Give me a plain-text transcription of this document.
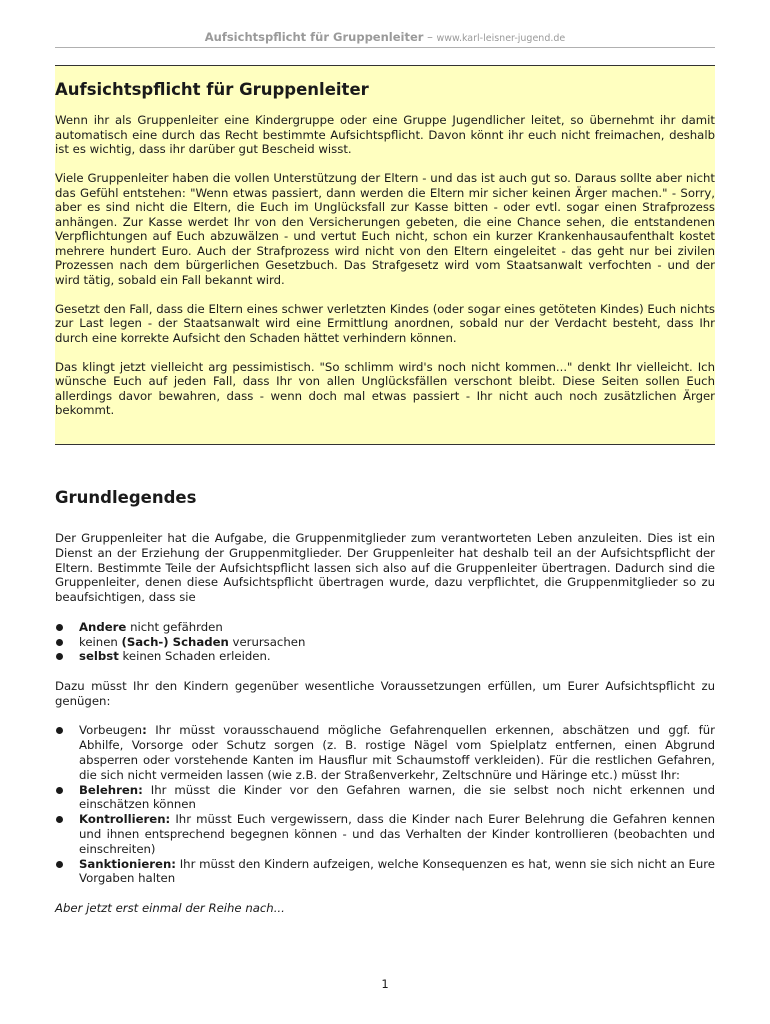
Aufsichtspflicht für Gruppenleiter – www.karl-leisner-jugend.de
Aufsichtspflicht für Gruppenleiter

Wenn ihr als Gruppenleiter eine Kindergruppe oder eine Gruppe Jugendlicher leitet, so übernehmt ihr damit automatisch eine durch das Recht bestimmte Aufsichtspflicht. Davon könnt ihr euch nicht freimachen, deshalb ist es wichtig, dass ihr darüber gut Bescheid wisst.

Viele Gruppenleiter haben die vollen Unterstützung der Eltern - und das ist auch gut so. Daraus sollte aber nicht das Gefühl entstehen: "Wenn etwas passiert, dann werden die Eltern mir sicher keinen Ärger machen." - Sorry, aber es sind nicht die Eltern, die Euch im Unglücksfall zur Kasse bitten - oder evtl. sogar einen Strafprozess anhängen. Zur Kasse werdet Ihr von den Versicherungen gebeten, die eine Chance sehen, die entstandenen Verpflichtungen auf Euch abzuwälzen - und vertut Euch nicht, schon ein kurzer Krankenhausaufenthalt kostet mehrere hundert Euro. Auch der Strafprozess wird nicht von den Eltern eingeleitet - das geht nur bei zivilen Prozessen nach dem bürgerlichen Gesetzbuch. Das Strafgesetz wird vom Staatsanwalt verfochten - und der wird tätig, sobald ein Fall bekannt wird.

Gesetzt den Fall, dass die Eltern eines schwer verletzten Kindes (oder sogar eines getöteten Kindes) Euch nichts zur Last legen - der Staatsanwalt wird eine Ermittlung anordnen, sobald nur der Verdacht besteht, dass Ihr durch eine korrekte Aufsicht den Schaden hättet verhindern können.

Das klingt jetzt vielleicht arg pessimistisch. "So schlimm wird's noch nicht kommen..." denkt Ihr vielleicht. Ich wünsche Euch auf jeden Fall, dass Ihr von allen Unglücksfällen verschont bleibt. Diese Seiten sollen Euch allerdings davor bewahren, dass - wenn doch mal etwas passiert - Ihr nicht auch noch zusätzlichen Ärger bekommt.

Grundlegendes

Der Gruppenleiter hat die Aufgabe, die Gruppenmitglieder zum verantworteten Leben anzuleiten. Dies ist ein Dienst an der Erziehung der Gruppenmitglieder. Der Gruppenleiter hat deshalb teil an der Aufsichtspflicht der Eltern. Bestimmte Teile der Aufsichtspflicht lassen sich also auf die Gruppenleiter übertragen. Dadurch sind die Gruppenleiter, denen diese Aufsichtspflicht übertragen wurde, dazu verpflichtet, die Gruppenmitglieder so zu beaufsichtigen, dass sie

Andere nicht gefährden
keinen (Sach-) Schaden verursachen
selbst keinen Schaden erleiden.

Dazu müsst Ihr den Kindern gegenüber wesentliche Voraussetzungen erfüllen, um Eurer Aufsichtspflicht zu genügen:

Vorbeugen: Ihr müsst vorausschauend mögliche Gefahrenquellen erkennen, abschätzen und ggf. für Abhilfe, Vorsorge oder Schutz sorgen (z. B. rostige Nägel vom Spielplatz entfernen, einen Abgrund absperren oder vorstehende Kanten im Hausflur mit Schaumstoff verkleiden). Für die restlichen Gefahren, die sich nicht vermeiden lassen (wie z.B. der Straßenverkehr, Zeltschnüre und Häringe etc.) müsst Ihr:
Belehren: Ihr müsst die Kinder vor den Gefahren warnen, die sie selbst noch nicht erkennen und einschätzen können
Kontrollieren: Ihr müsst Euch vergewissern, dass die Kinder nach Eurer Belehrung die Gefahren kennen und ihnen entsprechend begegnen können - und das Verhalten der Kinder kontrollieren (beobachten und einschreiten)
Sanktionieren: Ihr müsst den Kindern aufzeigen, welche Konsequenzen es hat, wenn sie sich nicht an Eure Vorgaben halten

Aber jetzt erst einmal der Reihe nach...

1
